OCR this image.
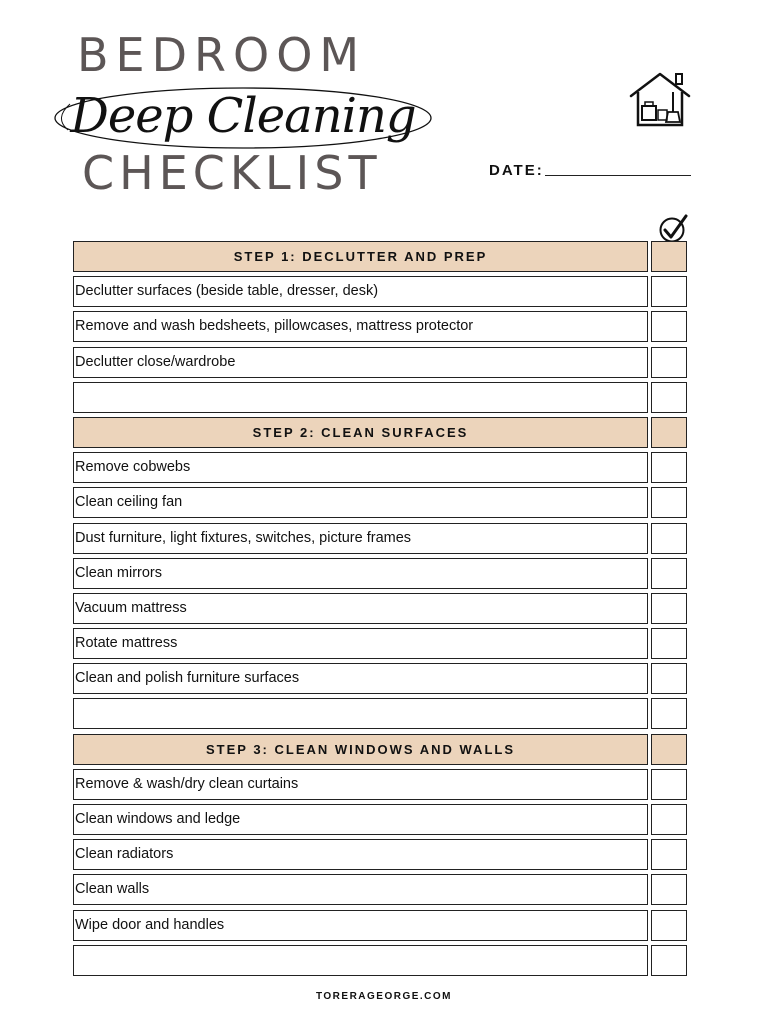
BEDROOM
Deep Cleaning
CHECKLIST	DATE:
STEP 1: DECLUTTER AND PREP
Declutter surfaces (beside table, dresser, desk)
Remove and wash bedsheets, pillowcases, mattress protector
Declutter close/wardrobe
STEP 2: CLEAN SURFACES
Remove cobwebs
Clean ceiling fan
Dust furniture, light fixtures, switches, picture frames
Clean mirrors
Vacuum mattress
Rotate mattress
Clean and polish furniture surfaces
STEP 3: CLEAN WINDOWS AND WALLS
Remove & wash/dry clean curtains
Clean windows and ledge
Clean radiators
Clean walls
Wipe door and handles
TORERAGEORGE.COM
